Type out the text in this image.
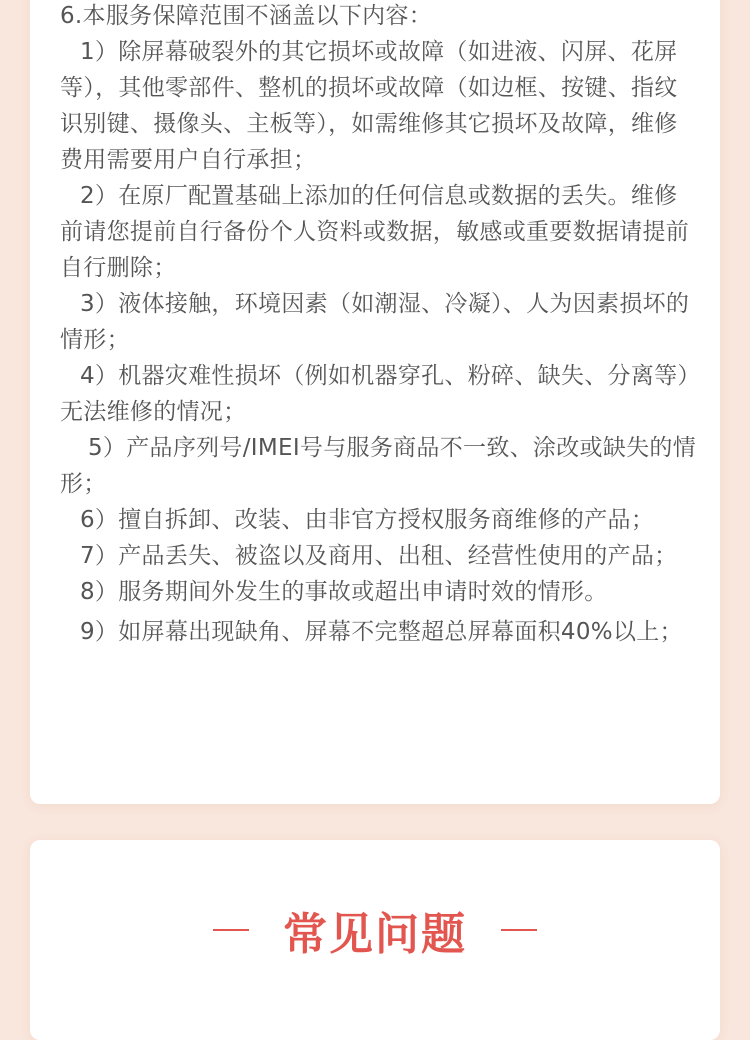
6.本服务保障范围不涵盖以下内容：

1）除屏幕破裂外的其它损坏或故障（如进液、闪屏、花屏等），其他零部件、整机的损坏或故障（如边框、按键、指纹识别键、摄像头、主板等），如需维修其它损坏及故障，维修费用需要用户自行承担；

2）在原厂配置基础上添加的任何信息或数据的丢失。维修前请您提前自行备份个人资料或数据，敏感或重要数据请提前自行删除；

3）液体接触，环境因素（如潮湿、冷凝）、人为因素损坏的情形；

4）机器灾难性损坏（例如机器穿孔、粉碎、缺失、分离等）无法维修的情况；

5）产品序列号/IMEI号与服务商品不一致、涂改或缺失的情形；

6）擅自拆卸、改装、由非官方授权服务商维修的产品；

7）产品丢失、被盗以及商用、出租、经营性使用的产品；

8）服务期间外发生的事故或超出申请时效的情形。

9）如屏幕出现缺角、屏幕不完整超总屏幕面积40%以上；

常见问题
